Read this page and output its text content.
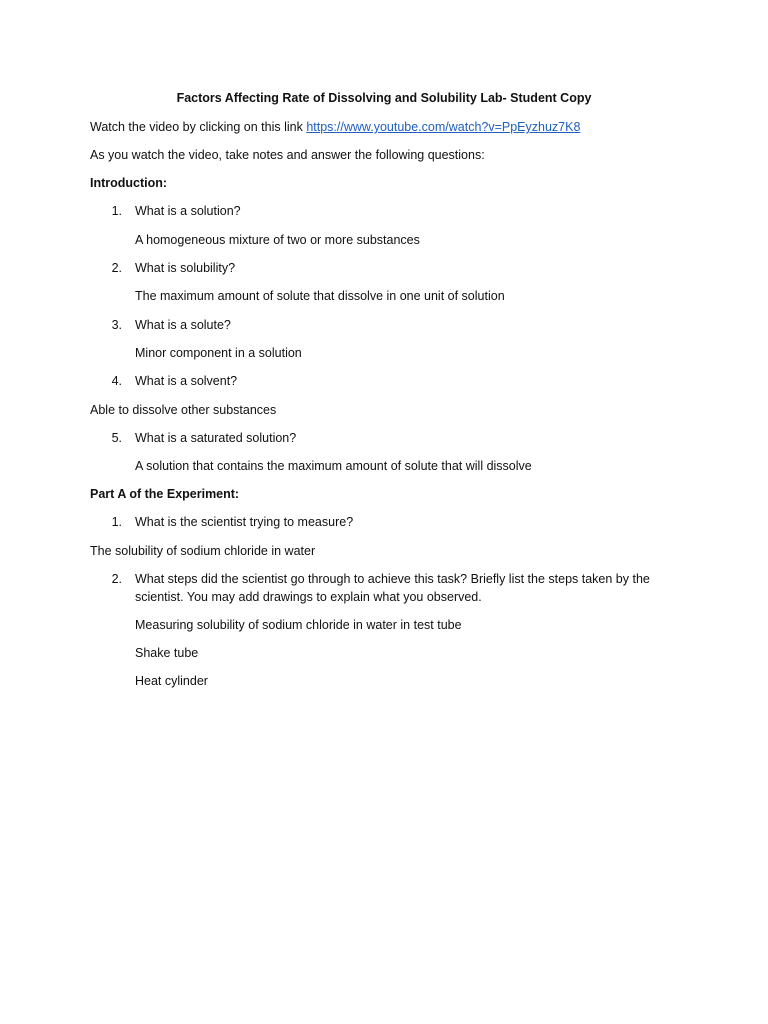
Factors Affecting Rate of Dissolving and Solubility Lab- Student Copy
Watch the video by clicking on this link https://www.youtube.com/watch?v=PpEyzhuz7K8
As you watch the video, take notes and answer the following questions:
Introduction:
1. What is a solution?
A homogeneous mixture of two or more substances
2. What is solubility?
The maximum amount of solute that dissolve in one unit of solution
3. What is a solute?
Minor component in a solution
4. What is a solvent?
Able to dissolve other substances
5. What is a saturated solution?
A solution that contains the maximum amount of solute that will dissolve
Part A of the Experiment:
1. What is the scientist trying to measure?
The solubility of sodium chloride in water
2. What steps did the scientist go through to achieve this task? Briefly list the steps taken by the
scientist. You may add drawings to explain what you observed.
Measuring solubility of sodium chloride in water in test tube
Shake tube
Heat cylinder
